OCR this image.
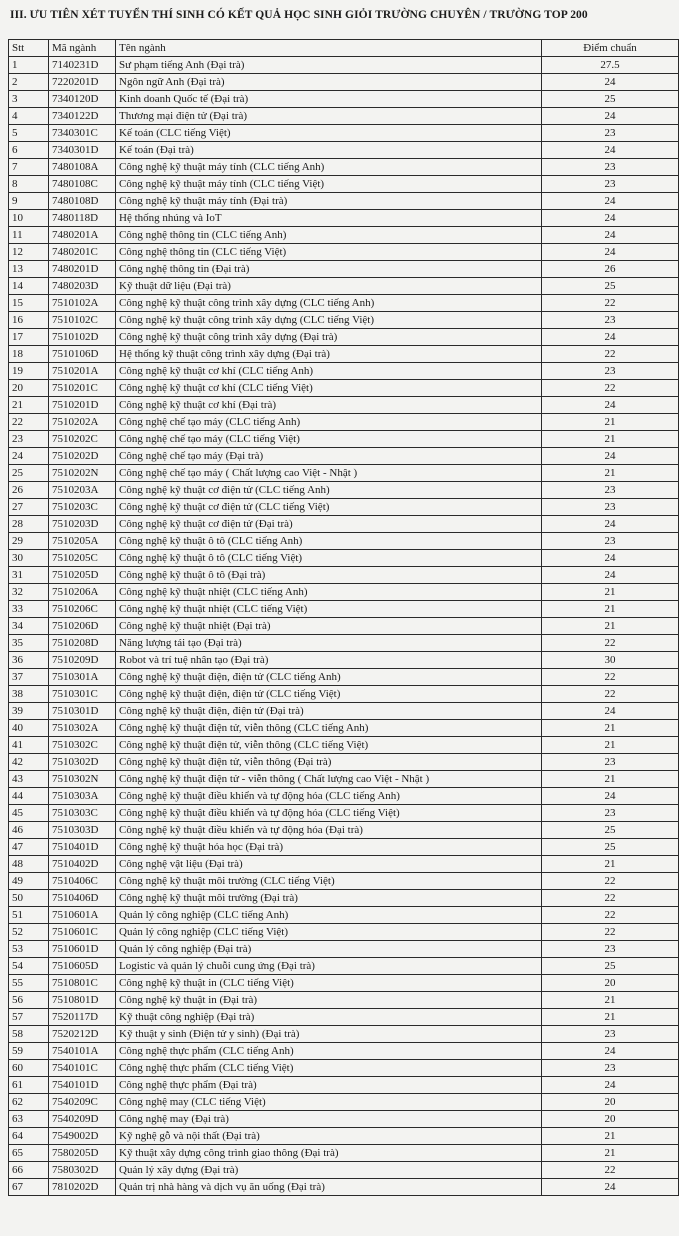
III. ƯU TIÊN XÉT TUYỂN THÍ SINH CÓ KẾT QUẢ HỌC SINH GIỎI TRƯỜNG CHUYÊN / TRƯỜNG TOP 200
Stt	Mã ngành	Tên ngành	Điểm chuẩn
1	7140231D	Sư phạm tiếng Anh (Đại trà)	27.5
2	7220201D	Ngôn ngữ Anh (Đại trà)	24
3	7340120D	Kinh doanh Quốc tế (Đại trà)	25
4	7340122D	Thương mại điện tử (Đại trà)	24
5	7340301C	Kế toán (CLC tiếng Việt)	23
6	7340301D	Kế toán (Đại trà)	24
7	7480108A	Công nghệ kỹ thuật máy tính (CLC tiếng Anh)	23
8	7480108C	Công nghệ kỹ thuật máy tính (CLC tiếng Việt)	23
9	7480108D	Công nghệ kỹ thuật máy tính (Đại trà)	24
10	7480118D	Hệ thống nhúng và IoT	24
11	7480201A	Công nghệ thông tin (CLC tiếng Anh)	24
12	7480201C	Công nghệ thông tin (CLC tiếng Việt)	24
13	7480201D	Công nghệ thông tin (Đại trà)	26
14	7480203D	Kỹ thuật dữ liệu (Đại trà)	25
15	7510102A	Công nghệ kỹ thuật công trình xây dựng (CLC tiếng Anh)	22
16	7510102C	Công nghệ kỹ thuật công trình xây dựng (CLC tiếng Việt)	23
17	7510102D	Công nghệ kỹ thuật công trình xây dựng (Đại trà)	24
18	7510106D	Hệ thống kỹ thuật công trình xây dựng (Đại trà)	22
19	7510201A	Công nghệ kỹ thuật cơ khí (CLC tiếng Anh)	23
20	7510201C	Công nghệ kỹ thuật cơ khí (CLC tiếng Việt)	22
21	7510201D	Công nghệ kỹ thuật cơ khí (Đại trà)	24
22	7510202A	Công nghệ chế tạo máy (CLC tiếng Anh)	21
23	7510202C	Công nghệ chế tạo máy (CLC tiếng Việt)	21
24	7510202D	Công nghệ chế tạo máy (Đại trà)	24
25	7510202N	Công nghệ chế tạo máy ( Chất lượng cao Việt - Nhật )	21
26	7510203A	Công nghệ kỹ thuật cơ điện tử (CLC tiếng Anh)	23
27	7510203C	Công nghệ kỹ thuật cơ điện tử (CLC tiếng Việt)	23
28	7510203D	Công nghệ kỹ thuật cơ điện tử (Đại trà)	24
29	7510205A	Công nghệ kỹ thuật ô tô (CLC tiếng Anh)	23
30	7510205C	Công nghệ kỹ thuật ô tô (CLC tiếng Việt)	24
31	7510205D	Công nghệ kỹ thuật ô tô (Đại trà)	24
32	7510206A	Công nghệ kỹ thuật nhiệt (CLC tiếng Anh)	21
33	7510206C	Công nghệ kỹ thuật nhiệt (CLC tiếng Việt)	21
34	7510206D	Công nghệ kỹ thuật nhiệt (Đại trà)	21
35	7510208D	Năng lượng tái tạo (Đại trà)	22
36	7510209D	Robot và trí tuệ nhân tạo (Đại trà)	30
37	7510301A	Công nghệ kỹ thuật điện, điện tử (CLC tiếng Anh)	22
38	7510301C	Công nghệ kỹ thuật điện, điện tử (CLC tiếng Việt)	22
39	7510301D	Công nghệ kỹ thuật điện, điện tử (Đại trà)	24
40	7510302A	Công nghệ kỹ thuật điện tử, viễn thông (CLC tiếng Anh)	21
41	7510302C	Công nghệ kỹ thuật điện tử, viễn thông (CLC tiếng Việt)	21
42	7510302D	Công nghệ kỹ thuật điện tử, viễn thông (Đại trà)	23
43	7510302N	Công nghệ kỹ thuật điện tử - viễn thông ( Chất lượng cao Việt - Nhật )	21
44	7510303A	Công nghệ kỹ thuật điều khiển và tự động hóa (CLC tiếng Anh)	24
45	7510303C	Công nghệ kỹ thuật điều khiển và tự động hóa (CLC tiếng Việt)	23
46	7510303D	Công nghệ kỹ thuật điều khiển và tự động hóa (Đại trà)	25
47	7510401D	Công nghệ kỹ thuật hóa học (Đại trà)	25
48	7510402D	Công nghệ vật liệu (Đại trà)	21
49	7510406C	Công nghệ kỹ thuật môi trường (CLC tiếng Việt)	22
50	7510406D	Công nghệ kỹ thuật môi trường (Đại trà)	22
51	7510601A	Quản lý công nghiệp (CLC tiếng Anh)	22
52	7510601C	Quản lý công nghiệp (CLC tiếng Việt)	22
53	7510601D	Quản lý công nghiệp (Đại trà)	23
54	7510605D	Logistic và quản lý chuỗi cung ứng (Đại trà)	25
55	7510801C	Công nghệ kỹ thuật in (CLC tiếng Việt)	20
56	7510801D	Công nghệ kỹ thuật in (Đại trà)	21
57	7520117D	Kỹ thuật công nghiệp (Đại trà)	21
58	7520212D	Kỹ thuật y sinh (Điện tử y sinh) (Đại trà)	23
59	7540101A	Công nghệ thực phẩm (CLC tiếng Anh)	24
60	7540101C	Công nghệ thực phẩm (CLC tiếng Việt)	23
61	7540101D	Công nghệ thực phẩm (Đại trà)	24
62	7540209C	Công nghệ may (CLC tiếng Việt)	20
63	7540209D	Công nghệ may (Đại trà)	20
64	7549002D	Kỹ nghệ gỗ và nội thất (Đại trà)	21
65	7580205D	Kỹ thuật xây dựng công trình giao thông (Đại trà)	21
66	7580302D	Quản lý xây dựng (Đại trà)	22
67	7810202D	Quản trị nhà hàng và dịch vụ ăn uống (Đại trà)	24
